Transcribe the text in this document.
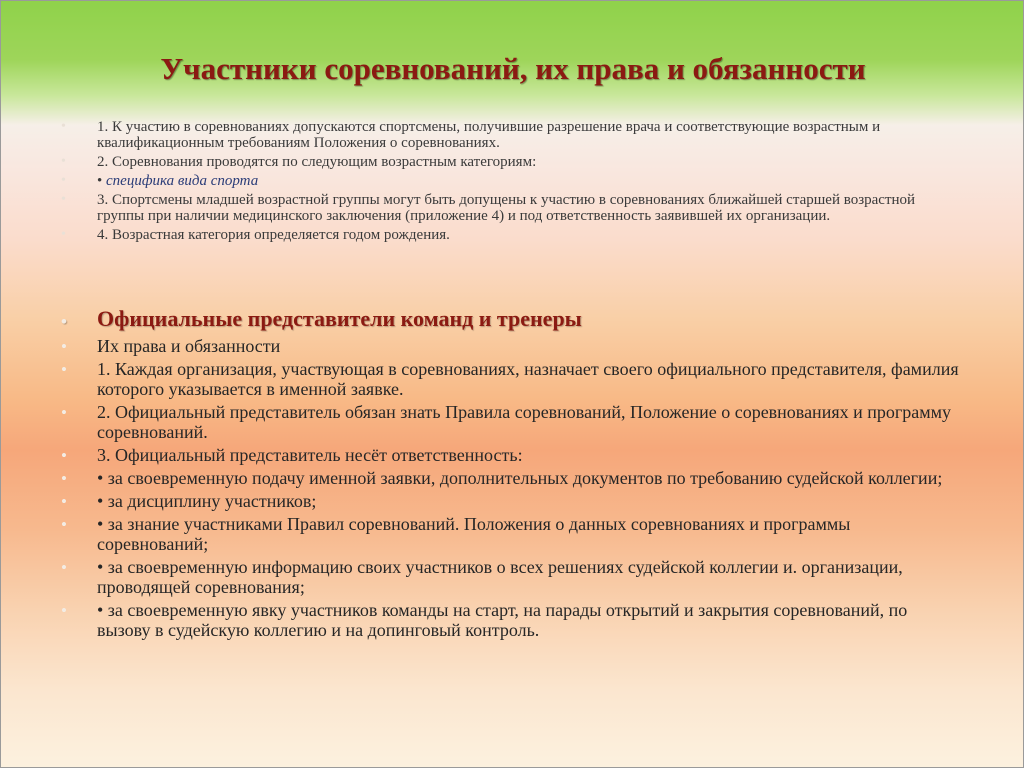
Участники соревнований, их права и обязанности
• 1. К участию в соревнованиях допускаются спортсмены, получившие разрешение врача и соответствующие возрастным и квалификационным требованиям Положения о соревнованиях.
• 2. Соревнования проводятся по следующим возрастным категориям:
• • специфика вида спорта
• 3. Спортсмены младшей возрастной группы могут быть допущены к участию в соревнованиях ближайшей старшей возрастной группы при наличии медицинского заключения (приложение 4) и под ответственность заявившей их организации.
• 4. Возрастная категория определяется годом рождения.
• Официальные представители команд и тренеры
• Их права и обязанности
• 1. Каждая организация, участвующая в соревнованиях, назначает своего официального представителя, фамилия которого указывается в именной заявке.
• 2. Официальный представитель обязан знать Правила соревнований, Положение о соревнованиях и программу соревнований.
• 3. Официальный представитель несёт ответственность:
• • за своевременную подачу именной заявки, дополнительных документов по требованию судейской коллегии;
• • за дисциплину участников;
• • за знание участниками Правил соревнований. Положения о данных соревнованиях и программы соревнований;
• • за своевременную информацию своих участников о всех решениях судейской коллегии и. организации, проводящей соревнования;
• • за своевременную явку участников команды на старт, на парады открытий и закрытия соревнований, по вызову в судейскую коллегию и на допинговый контроль.
